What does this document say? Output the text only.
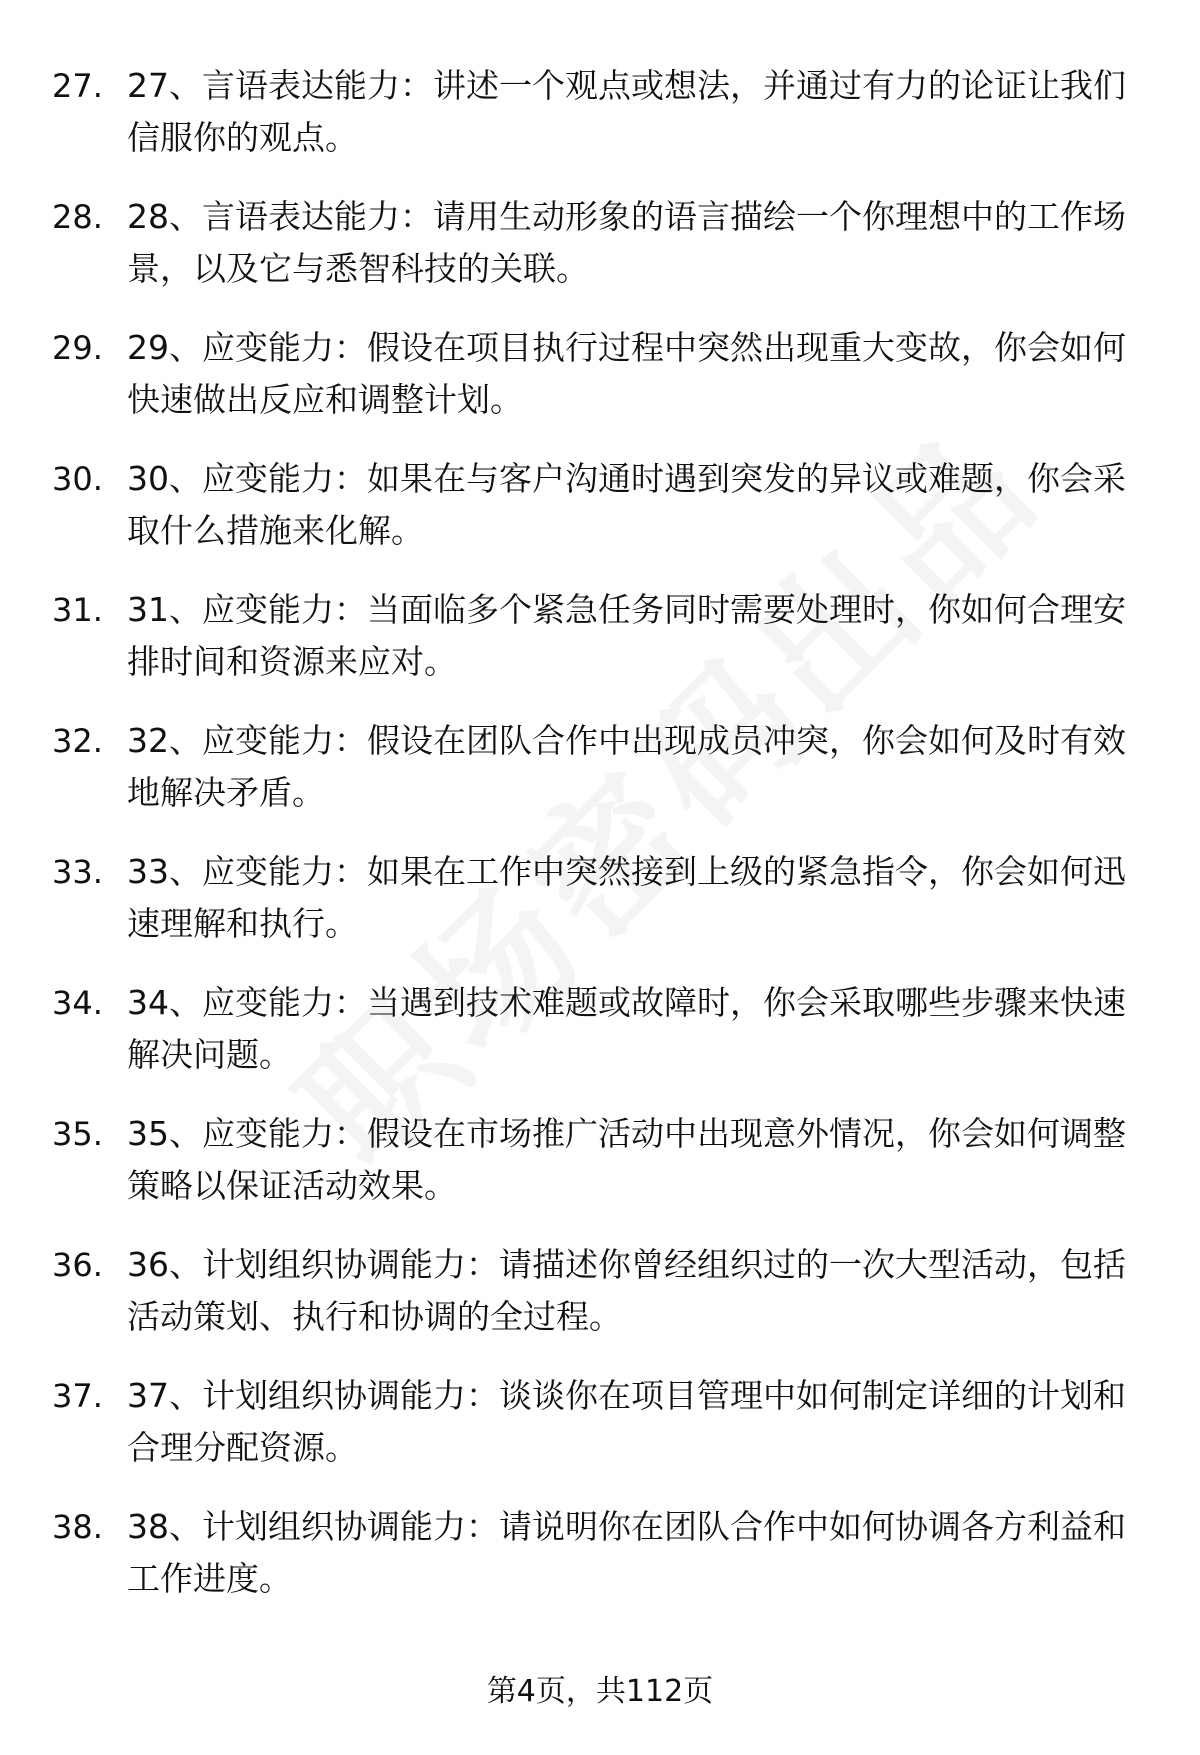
27. 27、言语表达能力：讲述一个观点或想法，并通过有力的论证让我们信服你的观点。
28. 28、言语表达能力：请用生动形象的语言描绘一个你理想中的工作场景，以及它与悉智科技的关联。
29. 29、应变能力：假设在项目执行过程中突然出现重大变故，你会如何快速做出反应和调整计划。
30. 30、应变能力：如果在与客户沟通时遇到突发的异议或难题，你会采取什么措施来化解。
31. 31、应变能力：当面临多个紧急任务同时需要处理时，你如何合理安排时间和资源来应对。
32. 32、应变能力：假设在团队合作中出现成员冲突，你会如何及时有效地解决矛盾。
33. 33、应变能力：如果在工作中突然接到上级的紧急指令，你会如何迅速理解和执行。
34. 34、应变能力：当遇到技术难题或故障时，你会采取哪些步骤来快速解决问题。
35. 35、应变能力：假设在市场推广活动中出现意外情况，你会如何调整策略以保证活动效果。
36. 36、计划组织协调能力：请描述你曾经组织过的一次大型活动，包括活动策划、执行和协调的全过程。
37. 37、计划组织协调能力：谈谈你在项目管理中如何制定详细的计划和合理分配资源。
38. 38、计划组织协调能力：请说明你在团队合作中如何协调各方利益和工作进度。
第4页，共112页
